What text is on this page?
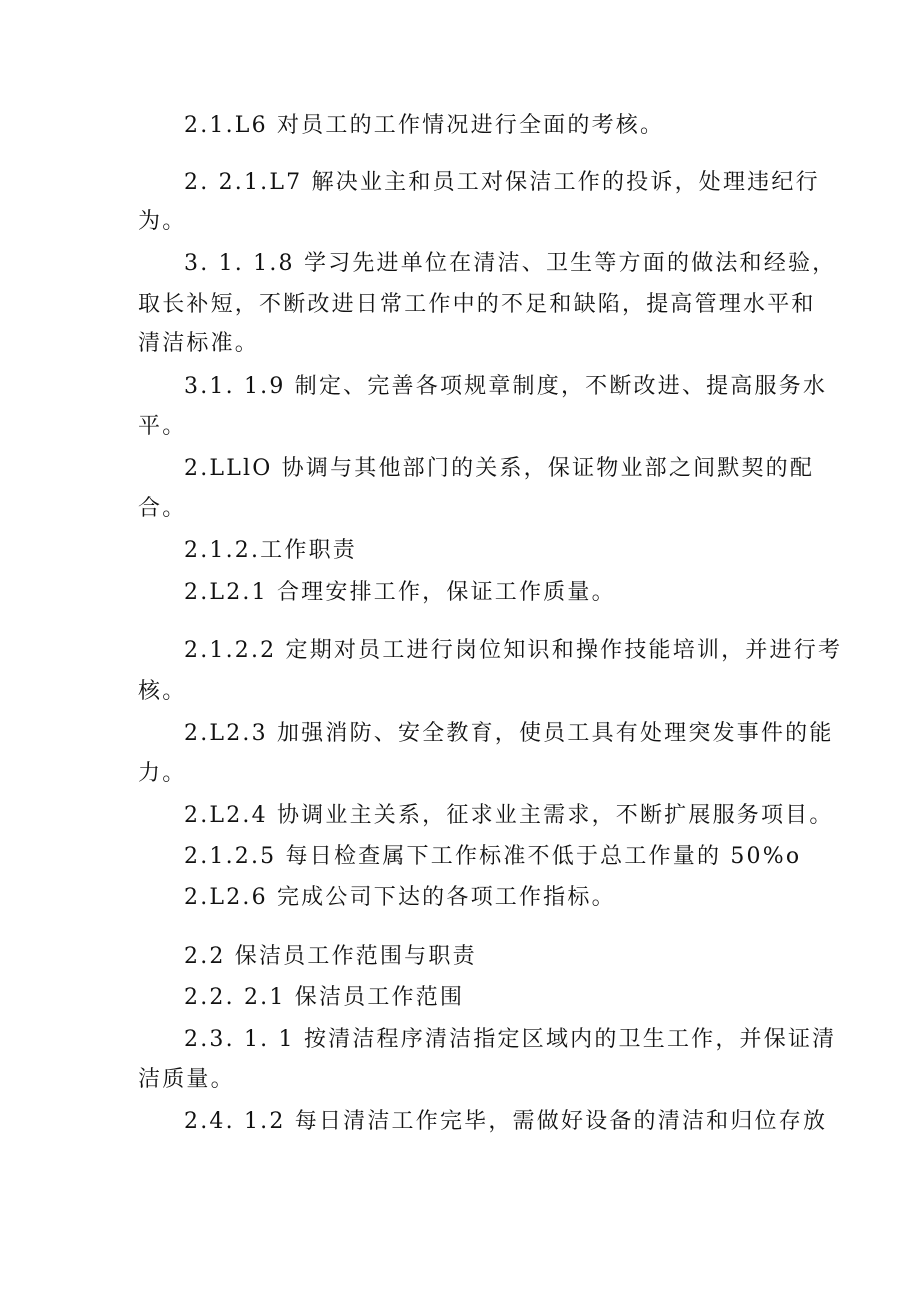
2.1.L6 对员工的工作情况进行全面的考核。
2. 2.1.L7 解决业主和员工对保洁工作的投诉，处理违纪行
为。
3. 1. 1.8 学习先进单位在清洁、卫生等方面的做法和经验，
取长补短，不断改进日常工作中的不足和缺陷，提高管理水平和
清洁标准。
3.1. 1.9 制定、完善各项规章制度，不断改进、提高服务水
平。
2.LLlO 协调与其他部门的关系，保证物业部之间默契的配
合。
2.1.2.工作职责
2.L2.1 合理安排工作，保证工作质量。
2.1.2.2 定期对员工进行岗位知识和操作技能培训，并进行考
核。
2.L2.3 加强消防、安全教育，使员工具有处理突发事件的能
力。
2.L2.4 协调业主关系，征求业主需求，不断扩展服务项目。
2.1.2.5 每日检查属下工作标准不低于总工作量的 50%o
2.L2.6 完成公司下达的各项工作指标。
2.2 保洁员工作范围与职责
2.2. 2.1 保洁员工作范围
2.3. 1. 1 按清洁程序清洁指定区域内的卫生工作，并保证清
洁质量。
2.4. 1.2 每日清洁工作完毕，需做好设备的清洁和归位存放
